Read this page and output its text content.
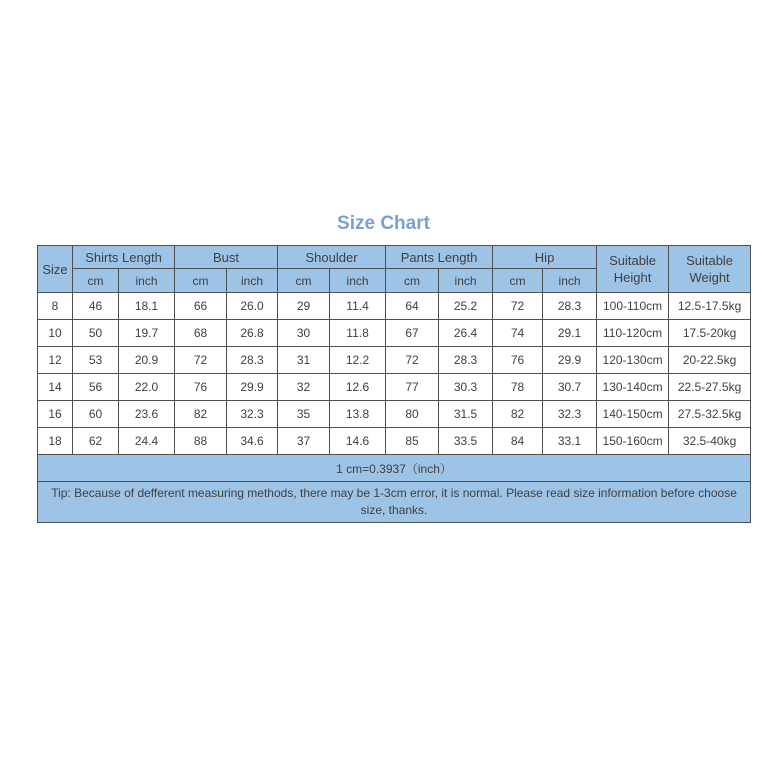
Size Chart
Size	Shirts Length		Bust		Shoulder		Pants Length		Hip		Suitable Height	Suitable Weight
	cm	inch	cm	inch	cm	inch	cm	inch	cm	inch		
8	46	18.1	66	26.0	29	11.4	64	25.2	72	28.3	100-110cm	12.5-17.5kg
10	50	19.7	68	26.8	30	11.8	67	26.4	74	29.1	110-120cm	17.5-20kg
12	53	20.9	72	28.3	31	12.2	72	28.3	76	29.9	120-130cm	20-22.5kg
14	56	22.0	76	29.9	32	12.6	77	30.3	78	30.7	130-140cm	22.5-27.5kg
16	60	23.6	82	32.3	35	13.8	80	31.5	82	32.3	140-150cm	27.5-32.5kg
18	62	24.4	88	34.6	37	14.6	85	33.5	84	33.1	150-160cm	32.5-40kg
1 cm=0.3937（inch）												
Tip: Because of defferent measuring methods, there may be 1-3cm error, it is normal. Please read size information before choose size, thanks.												
